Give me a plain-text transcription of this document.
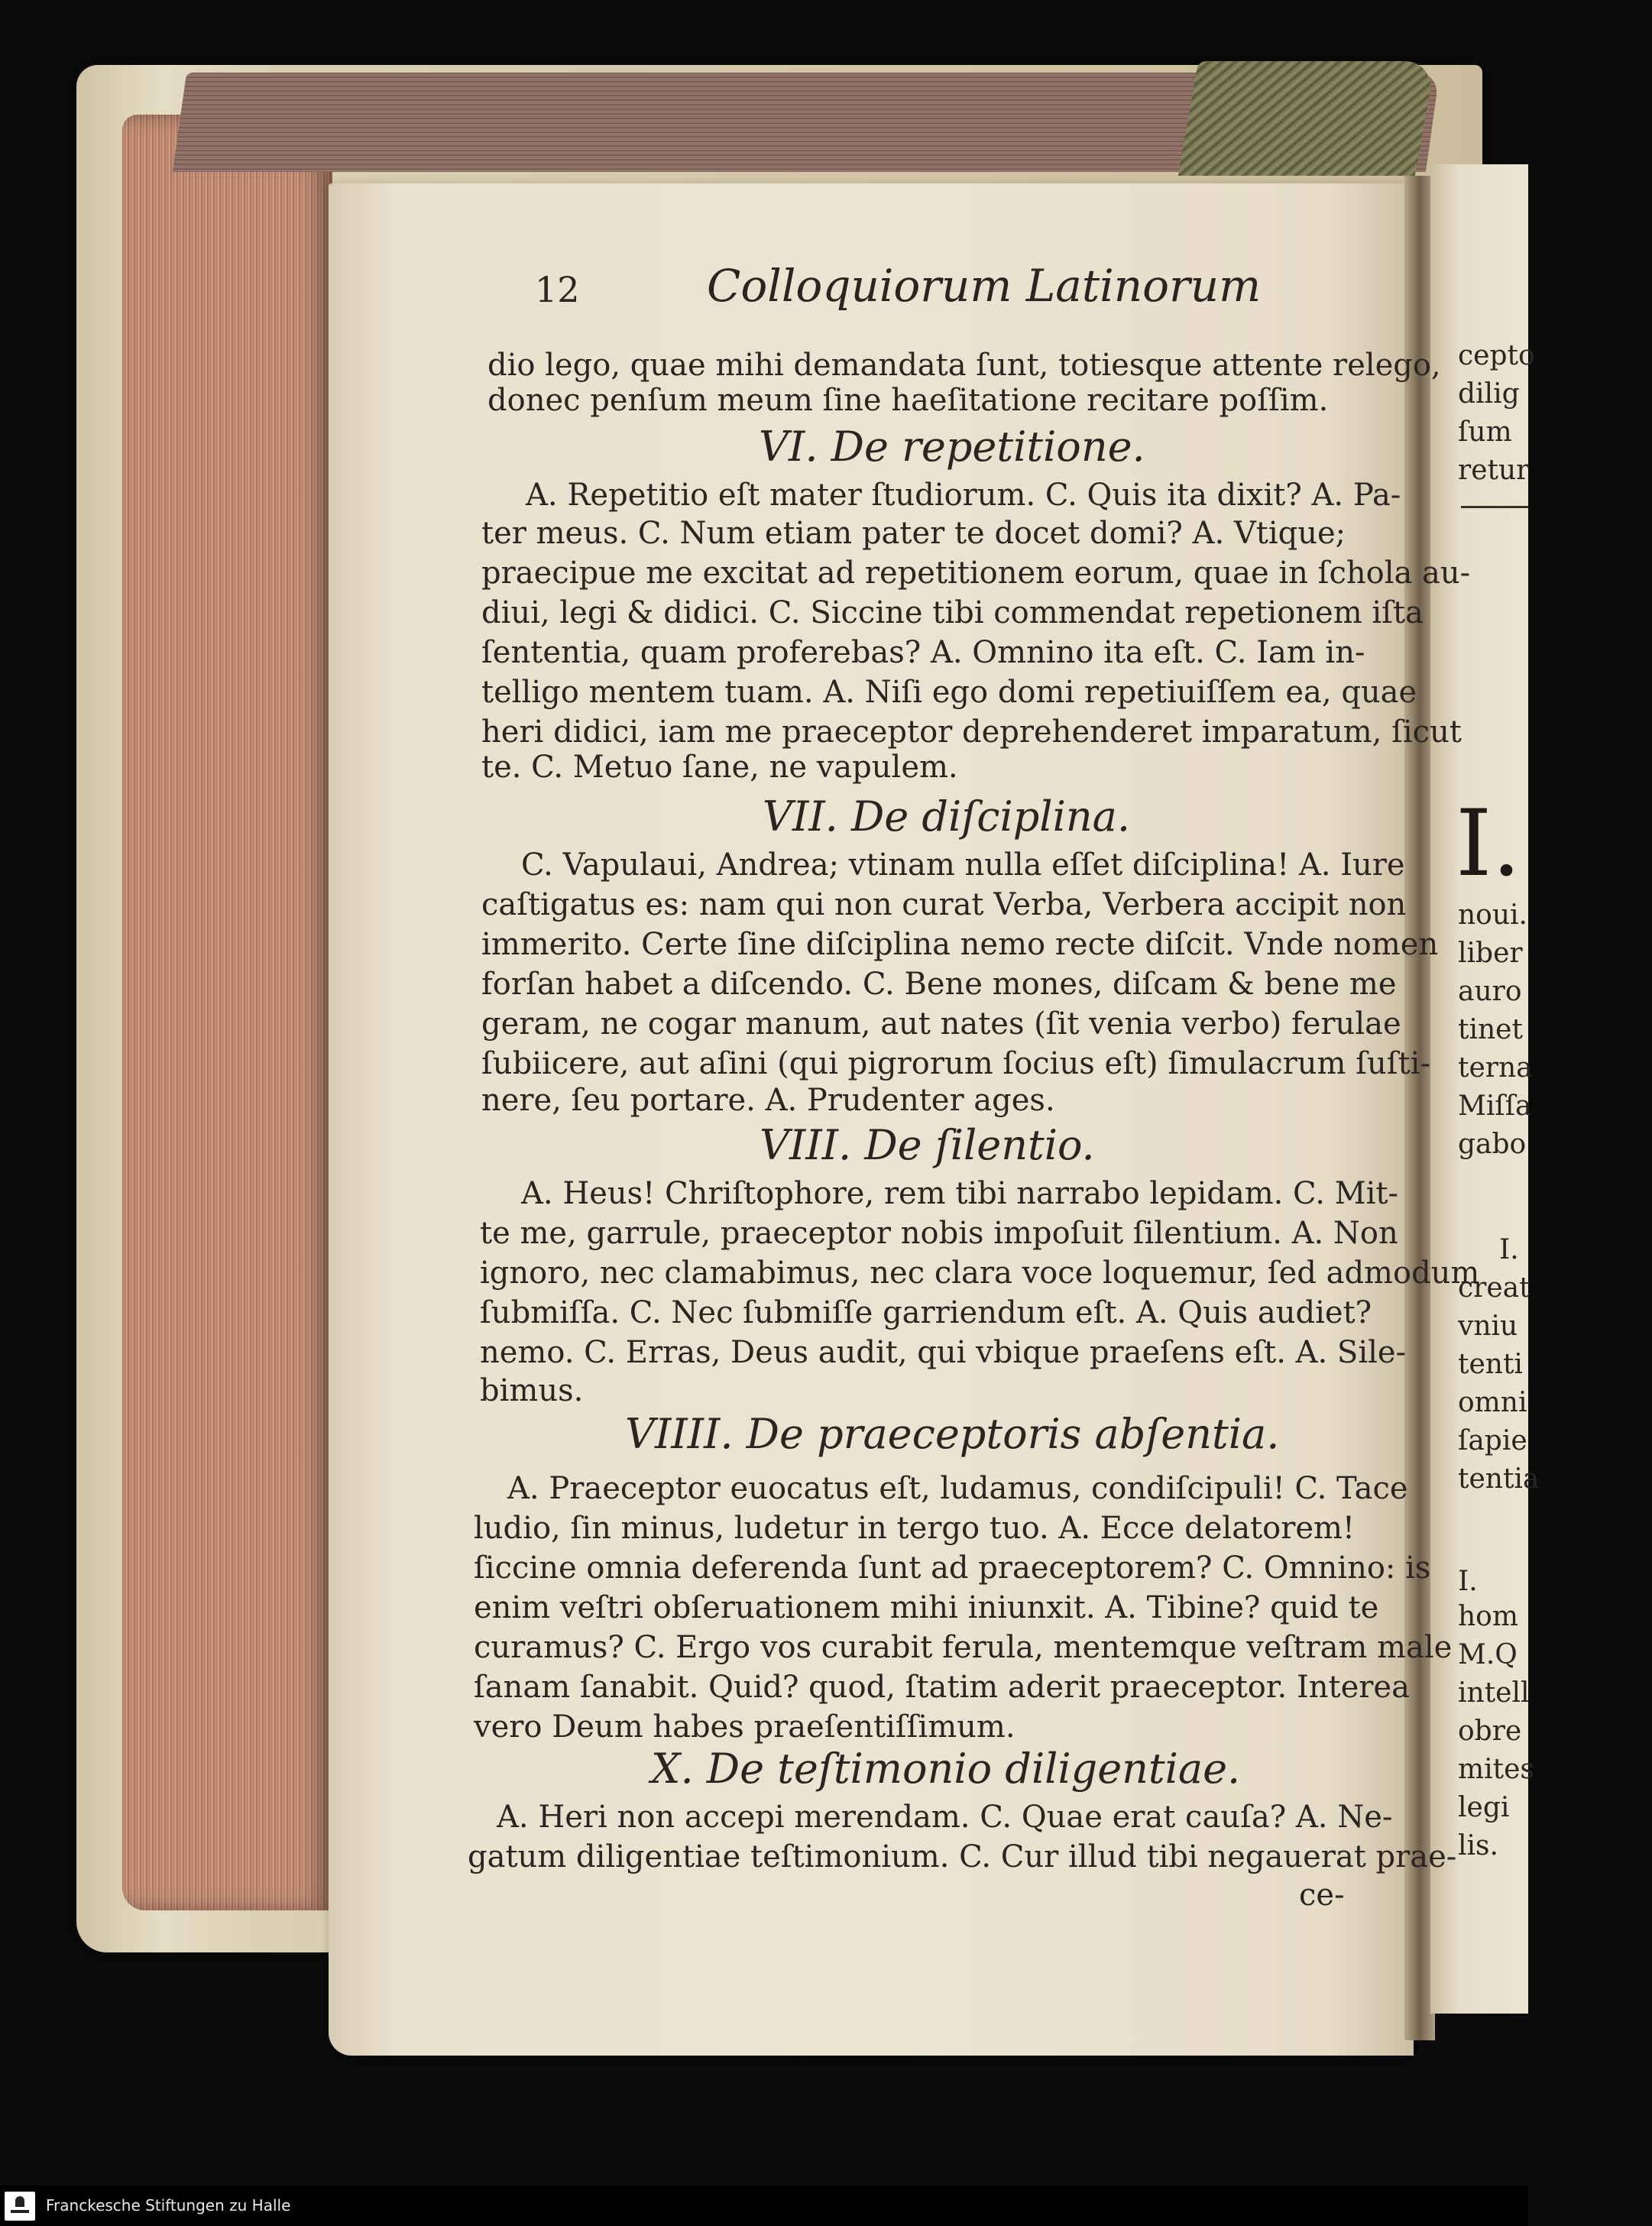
12	Colloquiorum Latinorum
dio lego, quae mihi demandata ſunt, totiesque attente relego,
donec penſum meum ſine haeſitatione recitare poſſim.
VI. De repetitione.
A. Repetitio eſt mater ſtudiorum. C. Quis ita dixit? A. Pa-
ter meus. C. Num etiam pater te docet domi? A. Vtique;
praecipue me excitat ad repetitionem eorum, quae in ſchola au-
diui, legi & didici. C. Siccine tibi commendat repetionem iſta
ſententia, quam proferebas? A. Omnino ita eſt. C. Iam in-
telligo mentem tuam. A. Niſi ego domi repetiuiſſem ea, quae
heri didici, iam me praeceptor deprehenderet imparatum, ſicut
te. C. Metuo ſane, ne vapulem.
VII. De diſciplina.
C. Vapulaui, Andrea; vtinam nulla eſſet diſciplina! A. Iure
caſtigatus es: nam qui non curat Verba, Verbera accipit non
immerito. Certe ſine diſciplina nemo recte diſcit. Vnde nomen
forſan habet a diſcendo. C. Bene mones, diſcam & bene me
geram, ne cogar manum, aut nates (ſit venia verbo) ferulae
ſubiicere, aut aſini (qui pigrorum ſocius eſt) ſimulacrum ſuſti-
nere, ſeu portare. A. Prudenter ages.
VIII. De ſilentio.
A. Heus! Chriſtophore, rem tibi narrabo lepidam. C. Mit-
te me, garrule, praeceptor nobis impoſuit ſilentium. A. Non
ignoro, nec clamabimus, nec clara voce loquemur, ſed admodum
ſubmiſſa. C. Nec ſubmiſſe garriendum eſt. A. Quis audiet?
nemo. C. Erras, Deus audit, qui vbique praeſens eſt. A. Sile-
bimus.
VIIII. De praeceptoris abſentia.
A. Praeceptor euocatus eſt, ludamus, condiſcipuli! C. Tace
ludio, ſin minus, ludetur in tergo tuo. A. Ecce delatorem!
ſiccine omnia deferenda ſunt ad praeceptorem? C. Omnino: is
enim veſtri obſeruationem mihi iniunxit. A. Tibine? quid te
curamus? C. Ergo vos curabit ferula, mentemque veſtram male
ſanam ſanabit. Quid? quod, ſtatim aderit praeceptor. Interea
vero Deum habes praeſentiſſimum.
X. De teſtimonio diligentiae.
A. Heri non accepi merendam. C. Quae erat cauſa? A. Ne-
gatum diligentiae teſtimonium. C. Cur illud tibi negauerat prae-
ce-
cepto
dilig
ſum
retur
I.
noui.
liber
auro
tinet
terna
Miſſa
gabo
I.
creat
vniu
tenti
omni
ſapie
tentia
I.
hom
M.Q
intell
obre
mites
legi
lis.
Franckesche Stiftungen zu Halle
